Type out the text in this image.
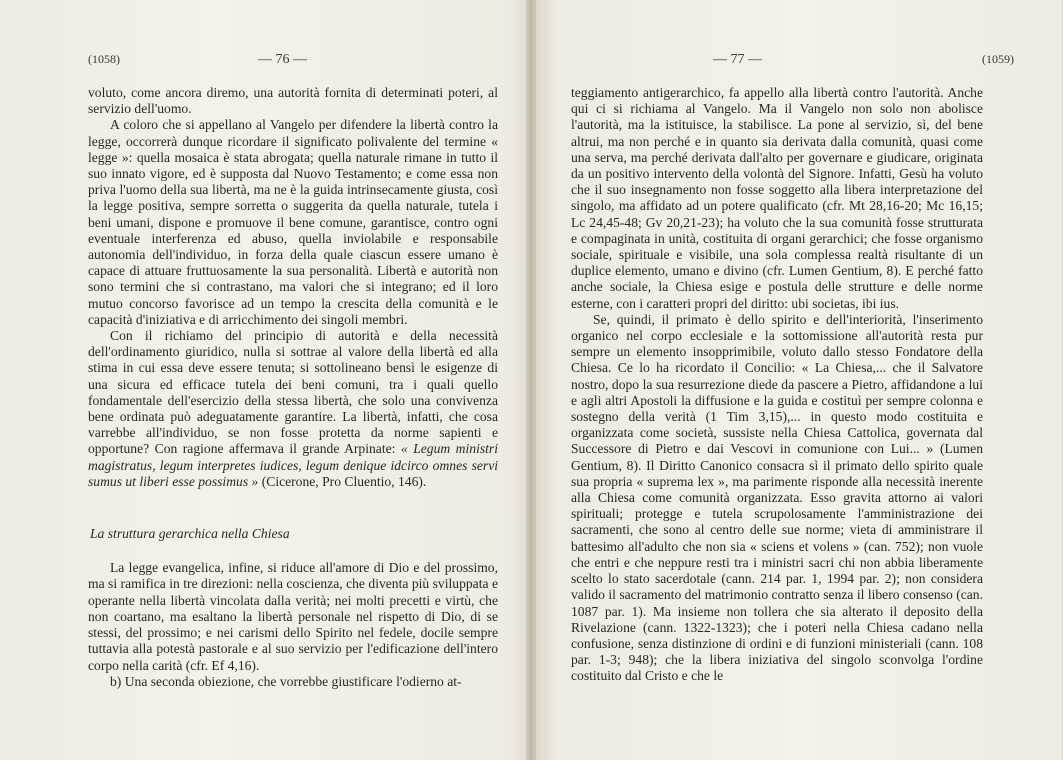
(1058)	— 76 —

voluto, come ancora diremo, una autorità fornita di determinati poteri, al servizio dell'uomo.

A coloro che si appellano al Vangelo per difendere la libertà contro la legge, occorrerà dunque ricordare il significato polivalente del termine « legge »: quella mosaica è stata abrogata; quella naturale rimane in tutto il suo innato vigore, ed è supposta dal Nuovo Testamento; e come essa non priva l'uomo della sua libertà, ma ne è la guida intrinsecamente giusta, così la legge positiva, sempre sorretta o suggerita da quella naturale, tutela i beni umani, dispone e promuove il bene comune, garantisce, contro ogni eventuale interferenza ed abuso, quella inviolabile e responsabile autonomia dell'individuo, in forza della quale ciascun essere umano è capace di attuare fruttuosamente la sua personalità. Libertà e autorità non sono termini che si contrastano, ma valori che si integrano; ed il loro mutuo concorso favorisce ad un tempo la crescita della comunità e le capacità d'iniziativa e di arricchimento dei singoli membri.

Con il richiamo del principio di autorità e della necessità dell'ordinamento giuridico, nulla si sottrae al valore della libertà ed alla stima in cui essa deve essere tenuta; si sottolineano bensì le esigenze di una sicura ed efficace tutela dei beni comuni, tra i quali quello fondamentale dell'esercizio della stessa libertà, che solo una convivenza bene ordinata può adeguatamente garantire. La libertà, infatti, che cosa varrebbe all'individuo, se non fosse protetta da norme sapienti e opportune? Con ragione affermava il grande Arpinate: « Legum ministri magistratus, legum interpretes iudices, legum denique idcirco omnes servi sumus ut liberi esse possimus » (Cicerone, Pro Cluentio, 146).

La struttura gerarchica nella Chiesa

La legge evangelica, infine, si riduce all'amore di Dio e del prossimo, ma si ramifica in tre direzioni: nella coscienza, che diventa più sviluppata e operante nella libertà vincolata dalla verità; nei molti precetti e virtù, che non coartano, ma esaltano la libertà personale nel rispetto di Dio, di se stessi, del prossimo; e nei carismi dello Spirito nel fedele, docile sempre tuttavia alla potestà pastorale e al suo servizio per l'edificazione dell'intero corpo nella carità (cfr. Ef 4,16).

b) Una seconda obiezione, che vorrebbe giustificare l'odierno at-

— 77 —	(1059)

teggiamento antigerarchico, fa appello alla libertà contro l'autorità. Anche qui ci si richiama al Vangelo. Ma il Vangelo non solo non abolisce l'autorità, ma la istituisce, la stabilisce. La pone al servizio, sì, del bene altrui, ma non perché e in quanto sia derivata dalla comunità, quasi come una serva, ma perché derivata dall'alto per governare e giudicare, originata da un positivo intervento della volontà del Signore. Infatti, Gesù ha voluto che il suo insegnamento non fosse soggetto alla libera interpretazione del singolo, ma affidato ad un potere qualificato (cfr. Mt 28,16-20; Mc 16,15; Lc 24,45-48; Gv 20,21-23); ha voluto che la sua comunità fosse strutturata e compaginata in unità, costituita di organi gerarchici; che fosse organismo sociale, spirituale e visibile, una sola complessa realtà risultante di un duplice elemento, umano e divino (cfr. Lumen Gentium, 8). E perché fatto anche sociale, la Chiesa esige e postula delle strutture e delle norme esterne, con i caratteri propri del diritto: ubi societas, ibi ius.

Se, quindi, il primato è dello spirito e dell'interiorità, l'inserimento organico nel corpo ecclesiale e la sottomissione all'autorità resta pur sempre un elemento insopprimibile, voluto dallo stesso Fondatore della Chiesa. Ce lo ha ricordato il Concilio: « La Chiesa,... che il Salvatore nostro, dopo la sua resurrezione diede da pascere a Pietro, affidandone a lui e agli altri Apostoli la diffusione e la guida e costituì per sempre colonna e sostegno della verità (1 Tim 3,15),... in questo modo costituita e organizzata come società, sussiste nella Chiesa Cattolica, governata dal Successore di Pietro e dai Vescovi in comunione con Lui... » (Lumen Gentium, 8). Il Diritto Canonico consacra sì il primato dello spirito quale sua propria « suprema lex », ma parimente risponde alla necessità inerente alla Chiesa come comunità organizzata. Esso gravita attorno ai valori spirituali; protegge e tutela scrupolosamente l'amministrazione dei sacramenti, che sono al centro delle sue norme; vieta di amministrare il battesimo all'adulto che non sia « sciens et volens » (can. 752); non vuole che entri e che neppure resti tra i ministri sacri chi non abbia liberamente scelto lo stato sacerdotale (cann. 214 par. 1, 1994 par. 2); non considera valido il sacramento del matrimonio contratto senza il libero consenso (can. 1087 par. 1). Ma insieme non tollera che sia alterato il deposito della Rivelazione (cann. 1322-1323); che i poteri nella Chiesa cadano nella confusione, senza distinzione di ordini e di funzioni ministeriali (cann. 108 par. 1-3; 948); che la libera iniziativa del singolo sconvolga l'ordine costituito dal Cristo e che le
